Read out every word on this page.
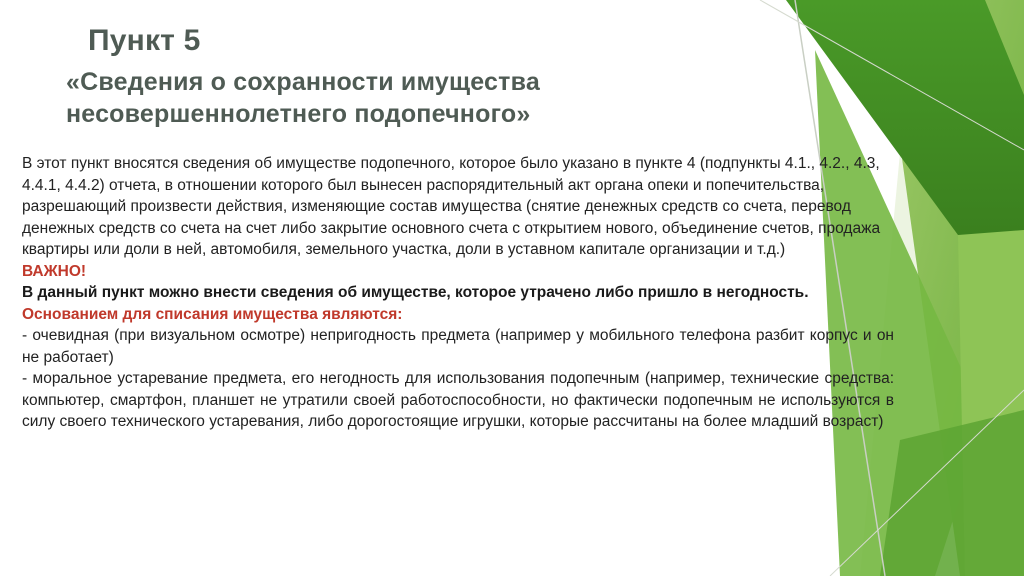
Пункт 5
«Сведения о сохранности имущества
несовершеннолетнего подопечного»

В этот пункт вносятся сведения об имуществе подопечного, которое было указано в пункте 4 (подпункты 4.1., 4.2., 4.3, 4.4.1, 4.4.2) отчета, в отношении которого был вынесен распорядительный акт органа опеки и попечительства, разрешающий произвести действия, изменяющие состав имущества (снятие денежных средств со счета, перевод денежных средств со счета на счет либо закрытие основного счета с открытием нового, объединение счетов, продажа квартиры или доли в ней, автомобиля, земельного участка, доли в уставном капитале организации и т.д.)

ВАЖНО!

В данный пункт можно внести сведения об имуществе, которое утрачено либо пришло в негодность.

Основанием для списания имущества являются:

- очевидная (при визуальном осмотре) непригодность предмета (например у мобильного телефона разбит корпус и он не работает)

- моральное устаревание предмета, его негодность для использования подопечным (например, технические средства: компьютер, смартфон, планшет не утратили своей работоспособности, но фактически подопечным не используются в силу своего технического устаревания, либо дорогостоящие игрушки, которые рассчитаны на более младший возраст)
